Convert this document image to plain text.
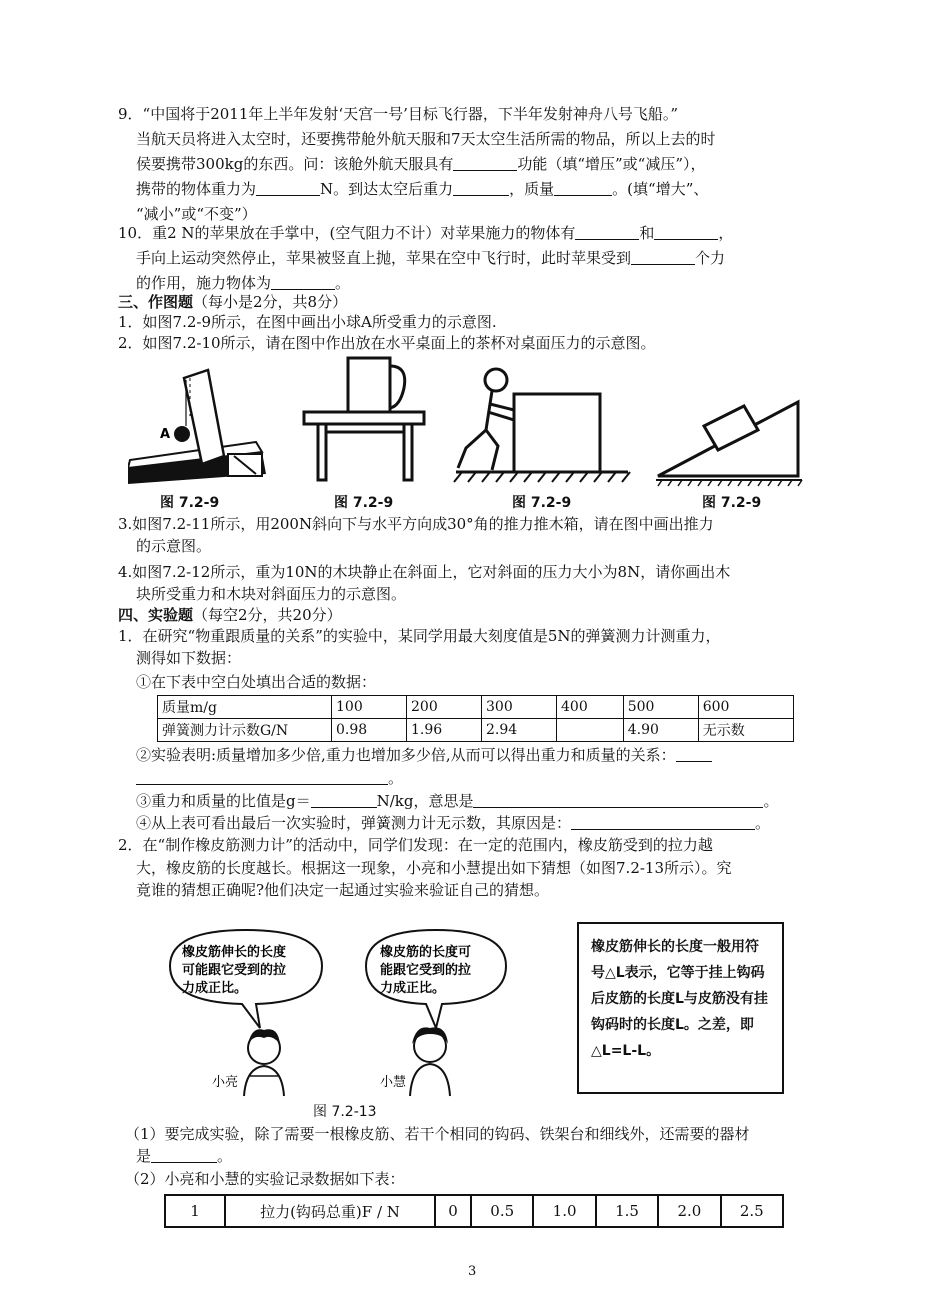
9．“中国将于2011年上半年发射‘天宫一号’目标飞行器，下半年发射神舟八号飞船。”
当航天员将进入太空时，还要携带舱外航天服和7天太空生活所需的物品，所以上去的时
侯要携带300kg的东西。问：该舱外航天服具有	功能（填“增压”或“减压”），
携带的物体重力为	N。到达太空后重力	，质量	。(填“增大”、
“减小”或“不变”）
10．重2 N的苹果放在手掌中，(空气阻力不计）对苹果施力的物体有	和	，
手向上运动突然停止，苹果被竖直上抛，苹果在空中飞行时，此时苹果受到	个力
的作用，施力物体为	。
三、作图题（每小是2分，共8分）
1．如图7.2-9所示，在图中画出小球A所受重力的示意图.
2．如图7.2-10所示，请在图中作出放在水平桌面上的茶杯对桌面压力的示意图。
A
图 7.2-9	图 7.2-9	图 7.2-9	图 7.2-9
3.如图7.2-11所示，用200N斜向下与水平方向成30°角的推力推木箱，请在图中画出推力
的示意图。
4.如图7.2-12所示，重为10N的木块静止在斜面上，它对斜面的压力大小为8N，请你画出木
块所受重力和木块对斜面压力的示意图。
四、实验题（每空2分，共20分）
1．在研究“物重跟质量的关系”的实验中，某同学用最大刻度值是5N的弹簧测力计测重力，
测得如下数据：
①在下表中空白处填出合适的数据：
质量m/g	100	200	300	400	500	600
弹簧测力计示数G/N	0.98	1.96	2.94		4.90	无示数
②实验表明:质量增加多少倍,重力也增加多少倍,从而可以得出重力和质量的关系：
。
③重力和质量的比值是g＝	N/kg，意思是	。
④从上表可看出最后一次实验时，弹簧测力计无示数，其原因是：	。
2．在“制作橡皮筋测力计”的活动中，同学们发现：在一定的范围内，橡皮筋受到的拉力越
大，橡皮筋的长度越长。根据这一现象，小亮和小慧提出如下猜想（如图7.2-13所示）。究
竟谁的猜想正确呢?他们决定一起通过实验来验证自己的猜想。
橡皮筋伸长的长度
可能跟它受到的拉
力成正比。
橡皮筋的长度可
能跟它受到的拉
力成正比。
小亮	小慧
橡皮筋伸长的长度一般用符号△L表示，它等于挂上钩码后皮筋的长度L与皮筋没有挂钩码时的长度L。之差，即△L=L-L。
图 7.2-13
（1）要完成实验，除了需要一根橡皮筋、若干个相同的钩码、铁架台和细线外，还需要的器材
是	。
（2）小亮和小慧的实验记录数据如下表：
1	拉力(钩码总重)F / N	0	0.5	1.0	1.5	2.0	2.5
3
